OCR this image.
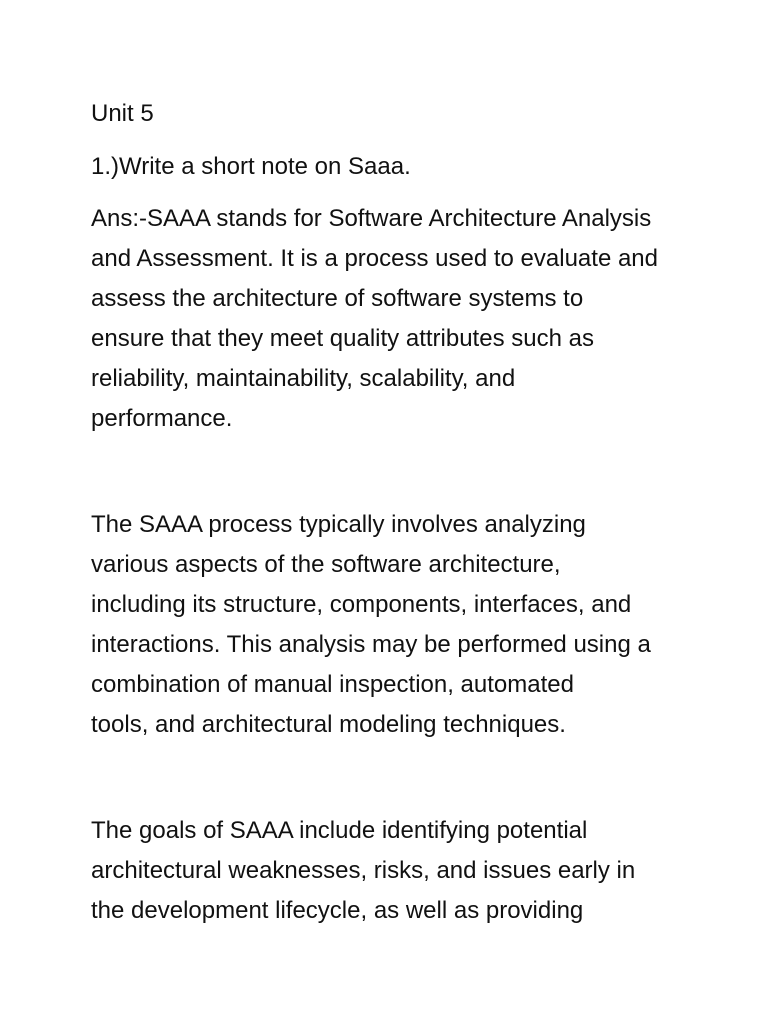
Unit 5
1.)Write a short note on Saaa.
Ans:-SAAA stands for Software Architecture Analysis
and Assessment. It is a process used to evaluate and
assess the architecture of software systems to
ensure that they meet quality attributes such as
reliability, maintainability, scalability, and
performance.
The SAAA process typically involves analyzing
various aspects of the software architecture,
including its structure, components, interfaces, and
interactions. This analysis may be performed using a
combination of manual inspection, automated
tools, and architectural modeling techniques.
The goals of SAAA include identifying potential
architectural weaknesses, risks, and issues early in
the development lifecycle, as well as providing
